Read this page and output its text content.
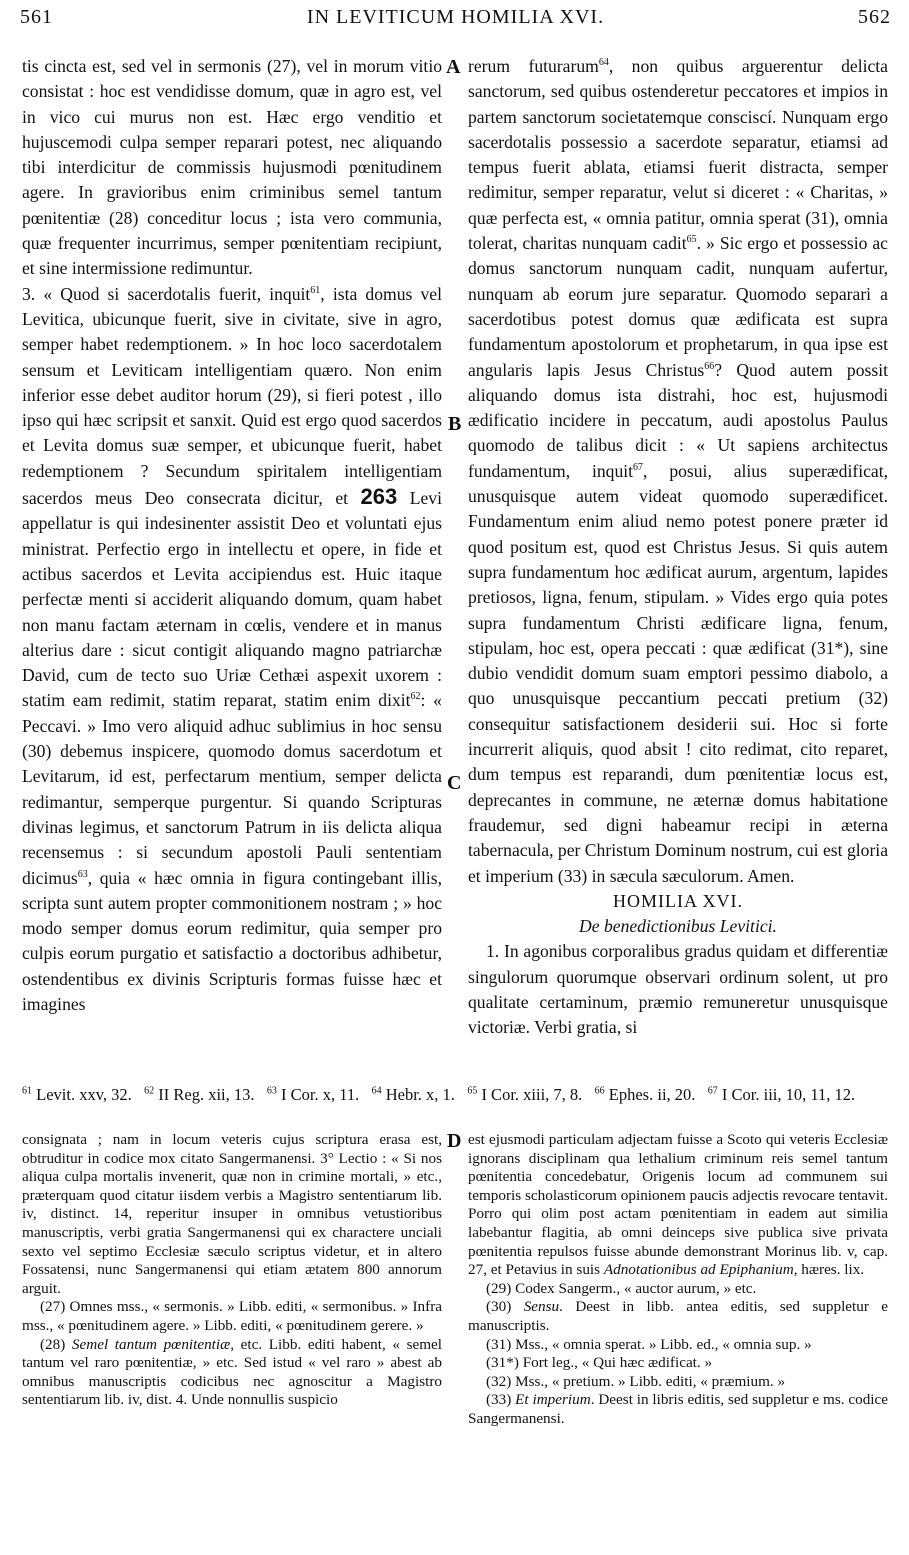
561	IN LEVITICUM HOMILIA XVI.	562
A
B
C
D

tis cincta est, sed vel in sermonis (27), vel in morum vitio consistat : hoc est vendidisse domum, quæ in agro est, vel in vico cui murus non est. Hæc ergo venditio et hujuscemodi culpa semper reparari potest, nec aliquando tibi interdicitur de commissis hujusmodi pœnitudinem agere. In gravioribus enim criminibus semel tantum pœnitentiæ (28) conceditur locus ; ista vero communia, quæ frequenter incurrimus, semper pœnitentiam recipiunt, et sine intermissione redimuntur.

3. « Quod si sacerdotalis fuerit, inquit$^{61}$, ista domus vel Levitica, ubicunque fuerit, sive in civitate, sive in agro, semper habet redemptionem. » In hoc loco sacerdotalem sensum et Leviticam intelligentiam quæro. Non enim inferior esse debet auditor horum (29), si fieri potest , illo ipso qui hæc scripsit et sanxit. Quid est ergo quod sacerdos et Levita domus suæ semper, et ubicunque fuerit, habet redemptionem ? Secundum spiritalem intelligentiam sacerdos meus Deo consecrata dicitur, et 263 Levi appellatur is qui indesinenter assistit Deo et voluntati ejus ministrat. Perfectio ergo in intellectu et opere, in fide et actibus sacerdos et Levita accipiendus est. Huic itaque perfectæ menti si acciderit aliquando domum, quam habet non manu factam æternam in cœlis, vendere et in manus alterius dare : sicut contigit aliquando magno patriarchæ David, cum de tecto suo Uriæ Cethæi aspexit uxorem : statim eam redimit, statim reparat, statim enim dixit$^{62}$: « Peccavi. » Imo vero aliquid adhuc sublimius in hoc sensu (30) debemus inspicere, quomodo domus sacerdotum et Levitarum, id est, perfectarum mentium, semper delicta redimantur, semperque purgentur. Si quando Scripturas divinas legimus, et sanctorum Patrum in iis delicta aliqua recensemus : si secundum apostoli Pauli sententiam dicimus$^{63}$, quia « hæc omnia in figura contingebant illis, scripta sunt autem propter commonitionem nostram ; » hoc modo semper domus eorum redimitur, quia semper pro culpis eorum purgatio et satisfactio a doctoribus adhibetur, ostendentibus ex divinis Scripturis formas fuisse hæc et imagines

rerum futurarum$^{64}$, non quibus arguerentur delicta sanctorum, sed quibus ostenderetur peccatores et impios in partem sanctorum societatemque consciscí. Nunquam ergo sacerdotalis possessio a sacerdote separatur, etiamsi ad tempus fuerit ablata, etiamsi fuerit distracta, semper redimitur, semper reparatur, velut si diceret : « Charitas, » quæ perfecta est, « omnia patitur, omnia sperat (31), omnia tolerat, charitas nunquam cadit$^{65}$. » Sic ergo et possessio ac domus sanctorum nunquam cadit, nunquam aufertur, nunquam ab eorum jure separatur. Quomodo separari a sacerdotibus potest domus quæ ædificata est supra fundamentum apostolorum et prophetarum, in qua ipse est angularis lapis Jesus Christus$^{66}$? Quod autem possit aliquando domus ista distrahi, hoc est, hujusmodi ædificatio incidere in peccatum, audi apostolus Paulus quomodo de talibus dicit : « Ut sapiens architectus fundamentum, inquit$^{67}$, posui, alius superædificat, unusquisque autem videat quomodo superædificet. Fundamentum enim aliud nemo potest ponere præter id quod positum est, quod est Christus Jesus. Si quis autem supra fundamentum hoc ædificat aurum, argentum, lapides pretiosos, ligna, fenum, stipulam. » Vides ergo quia potes supra fundamentum Christi ædificare ligna, fenum, stipulam, hoc est, opera peccati : quæ ædificat (31*), sine dubio vendidit domum suam emptori pessimo diabolo, a quo unusquisque peccantium peccati pretium (32) consequitur satisfactionem desiderii sui. Hoc si forte incurrerit aliquis, quod absit ! cito redimat, cito reparet, dum tempus est reparandi, dum pœnitentiæ locus est, deprecantes in commune, ne æternæ domus habitatione fraudemur, sed digni habeamur recipi in æterna tabernacula, per Christum Dominum nostrum, cui est gloria et imperium (33) in sæcula sæculorum. Amen.

HOMILIA XVI.

De benedictionibus Levitici.

1. In agonibus corporalibus gradus quidam et differentiæ singulorum quorumque observari ordinum solent, ut pro qualitate certaminum, præmio remuneretur unusquisque victoriæ. Verbi gratia, si

$^{61}$ Levit. xxv, 32. $^{62}$ II Reg. xii, 13. $^{63}$ I Cor. x, 11. $^{64}$ Hebr. x, 1. $^{65}$ I Cor. xiii, 7, 8. $^{66}$ Ephes. ii, 20. $^{67}$ I Cor. iii, 10, 11, 12.

consignata ; nam in locum veteris cujus scriptura erasa est, obtruditur in codice mox citato Sangermanensi. 3° Lectio : « Si nos aliqua culpa mortalis invenerit, quæ non in crimine mortali, » etc., præterquam quod citatur iisdem verbis a Magistro sententiarum lib. iv, distinct. 14, reperitur insuper in omnibus vetustioribus manuscriptis, verbi gratia Sangermanensi qui ex charactere unciali sexto vel septimo Ecclesiæ sæculo scriptus videtur, et in altero Fossatensi, nunc Sangermanensi qui etiam ætatem 800 annorum arguit.

(27) Omnes mss., « sermonis. » Libb. editi, « sermonibus. » Infra mss., « pœnitudinem agere. » Libb. editi, « pœnitudinem gerere. »

(28) Semel tantum pœnitentiæ, etc. Libb. editi habent, « semel tantum vel raro pœnitentiæ, » etc. Sed istud « vel raro » abest ab omnibus manuscriptis codicibus nec agnoscitur a Magistro sententiarum lib. iv, dist. 4. Unde nonnullis suspicio

est ejusmodi particulam adjectam fuisse a Scoto qui veteris Ecclesiæ ignorans disciplinam qua lethalium criminum reis semel tantum pœnitentia concedebatur, Origenis locum ad communem sui temporis scholasticorum opinionem paucis adjectis revocare tentavit. Porro qui olim post actam pœnitentiam in eadem aut similia labebantur flagitia, ab omni deinceps sive publica sive privata pœnitentia repulsos fuisse abunde demonstrant Morinus lib. v, cap. 27, et Petavius in suis Adnotationibus ad Epiphanium, hæres. lix.

(29) Codex Sangerm., « auctor aurum, » etc.

(30) Sensu. Deest in libb. antea editis, sed suppletur e manuscriptis.

(31) Mss., « omnia sperat. » Libb. ed., « omnia sup. »

(31*) Fort leg., « Qui hæc ædificat. »

(32) Mss., « pretium. » Libb. editi, « præmium. »

(33) Et imperium. Deest in libris editis, sed suppletur e ms. codice Sangermanensi.
